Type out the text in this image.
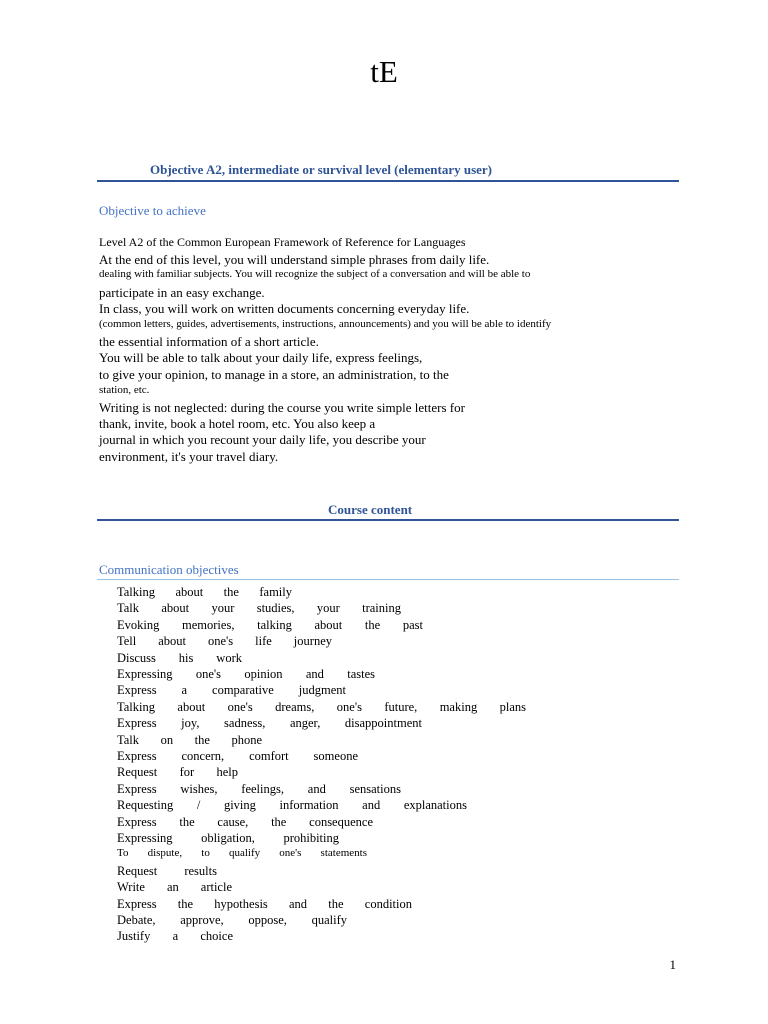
tE
Objective A2, intermediate or survival level (elementary user)
Objective to achieve
Level A2 of the Common European Framework of Reference for Languages
At the end of this level, you will understand simple phrases from daily life.
dealing with familiar subjects. You will recognize the subject of a conversation and will be able to
participate in an easy exchange.
In class, you will work on written documents concerning everyday life.
(common letters, guides, advertisements, instructions, announcements) and you will be able to identify
the essential information of a short article.
You will be able to talk about your daily life, express feelings,
to give your opinion, to manage in a store, an administration, to the
station, etc.
Writing is not neglected: during the course you write simple letters for
thank, invite, book a hotel room, etc. You also keep a
journal in which you recount your daily life, you describe your
environment, it's your travel diary.
Course content
Communication objectives
Talking about the family
Talk about your studies, your training
Evoking memories, talking about the past
Tell about one's life journey
Discuss his work
Expressing one's opinion and tastes
Express a comparative judgment
Talking about one's dreams, one's future, making plans
Express joy, sadness, anger, disappointment
Talk on the phone
Express concern, comfort someone
Request for help
Express wishes, feelings, and sensations
Requesting / giving information and explanations
Express the cause, the consequence
Expressing obligation, prohibiting
To dispute, to qualify one's statements
Request results
Write an article
Express the hypothesis and the condition
Debate, approve, oppose, qualify
Justify a choice
1
